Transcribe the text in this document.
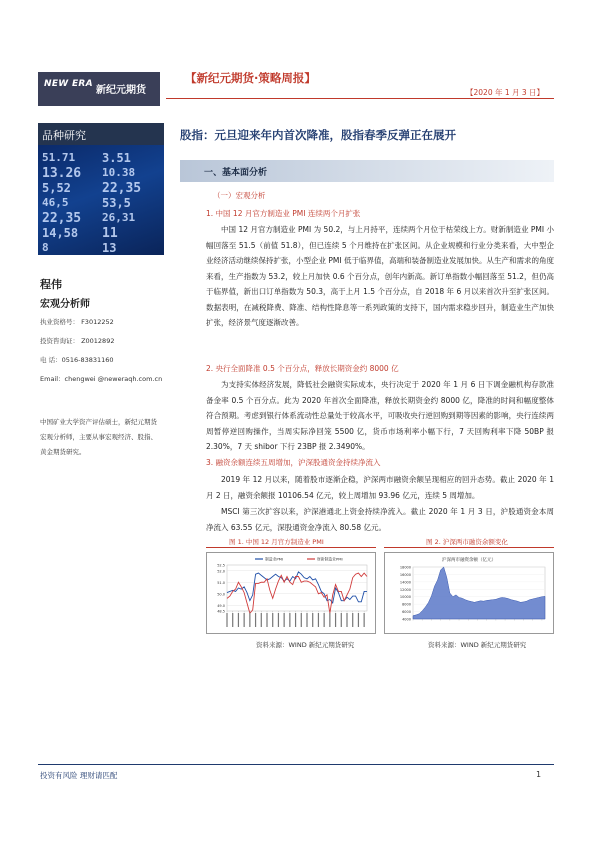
NEW ERA
新纪元期货
【新纪元期货·策略周报】
【2020 年 1 月 3 日】
品种研究
51.71 3.51
13.26 10.38
5,52 22,35
46,5	53,5
22,35 26,31
14,58 11
8	13
程伟
宏观分析师
执业资格号： F3012252
投资咨询证： Z0012892
电 话：0516-83831160
Email：chengwei @neweraqh.com.cn
中国矿业大学资产评估硕士，新纪元期货宏观分析师，主要从事宏观经济、股指、黄金期货研究。
股指：元旦迎来年内首次降准，股指春季反弹正在展开
一、基本面分析
（一）宏观分析
1. 中国 12 月官方制造业 PMI 连续两个月扩张
中国 12 月官方制造业 PMI 为 50.2，与上月持平，连续两个月位于枯荣线上方。财新制造业 PMI 小幅回落至 51.5（前值 51.8），但已连续 5 个月维持在扩张区间。从企业规模和行业分类来看，大中型企业经济活动继续保持扩张，小型企业 PMI 低于临界值，高端和装备制造业发展加快。从生产和需求的角度来看，生产指数为 53.2，较上月加快 0.6 个百分点，创年内新高。新订单指数小幅回落至 51.2，但仍高于临界值，新出口订单指数为 50.3，高于上月 1.5 个百分点，自 2018 年 6 月以来首次升至扩张区间。数据表明，在减税降费、降准、结构性降息等一系列政策的支持下，国内需求稳步回升，制造业生产加快扩张，经济景气度逐渐改善。
2. 央行全面降准 0.5 个百分点，释放长期资金约 8000 亿
为支持实体经济发展，降低社会融资实际成本，央行决定于 2020 年 1 月 6 日下调金融机构存款准备金率 0.5 个百分点。此为 2020 年首次全面降准，释放长期资金约 8000 亿，降准的时间和幅度整体符合预期。考虑到银行体系流动性总量处于较高水平，可吸收央行逆回购到期等因素的影响，央行连续两周暂停逆回购操作，当周实际净回笼 5500 亿，货币市场利率小幅下行，7 天回购利率下降 50BP 报 2.30%，7 天 shibor 下行 23BP 报 2.3490%。
3. 融资余额连续五周增加，沪深股通资金持续净流入
2019 年 12 月以来，随着股市逐渐企稳，沪深两市融资余额呈现相应的回升态势。截止 2020 年 1 月 2 日，融资余额报 10106.54 亿元，较上周增加 93.96 亿元，连续 5 周增加。
MSCI 第三次扩容以来，沪深港通北上资金持续净流入。截止 2020 年 1 月 3 日，沪股通资金本周净流入 63.55 亿元，深股通资金净流入 80.58 亿元。
图 1. 中国 12 月官方制造业 PMI
52.5
52.0
51.0
50.0
49.0
48.5
制造业PMI	财新制造业PMI
资料来源：WIND 新纪元期货研究
图 2. 沪深两市融资余额变化
沪深两市融资余额（亿元）
18000
16000
14000
12000
10000
8000
6000
4000
资料来源：WIND 新纪元期货研究
投资有风险 理财请匹配	1
